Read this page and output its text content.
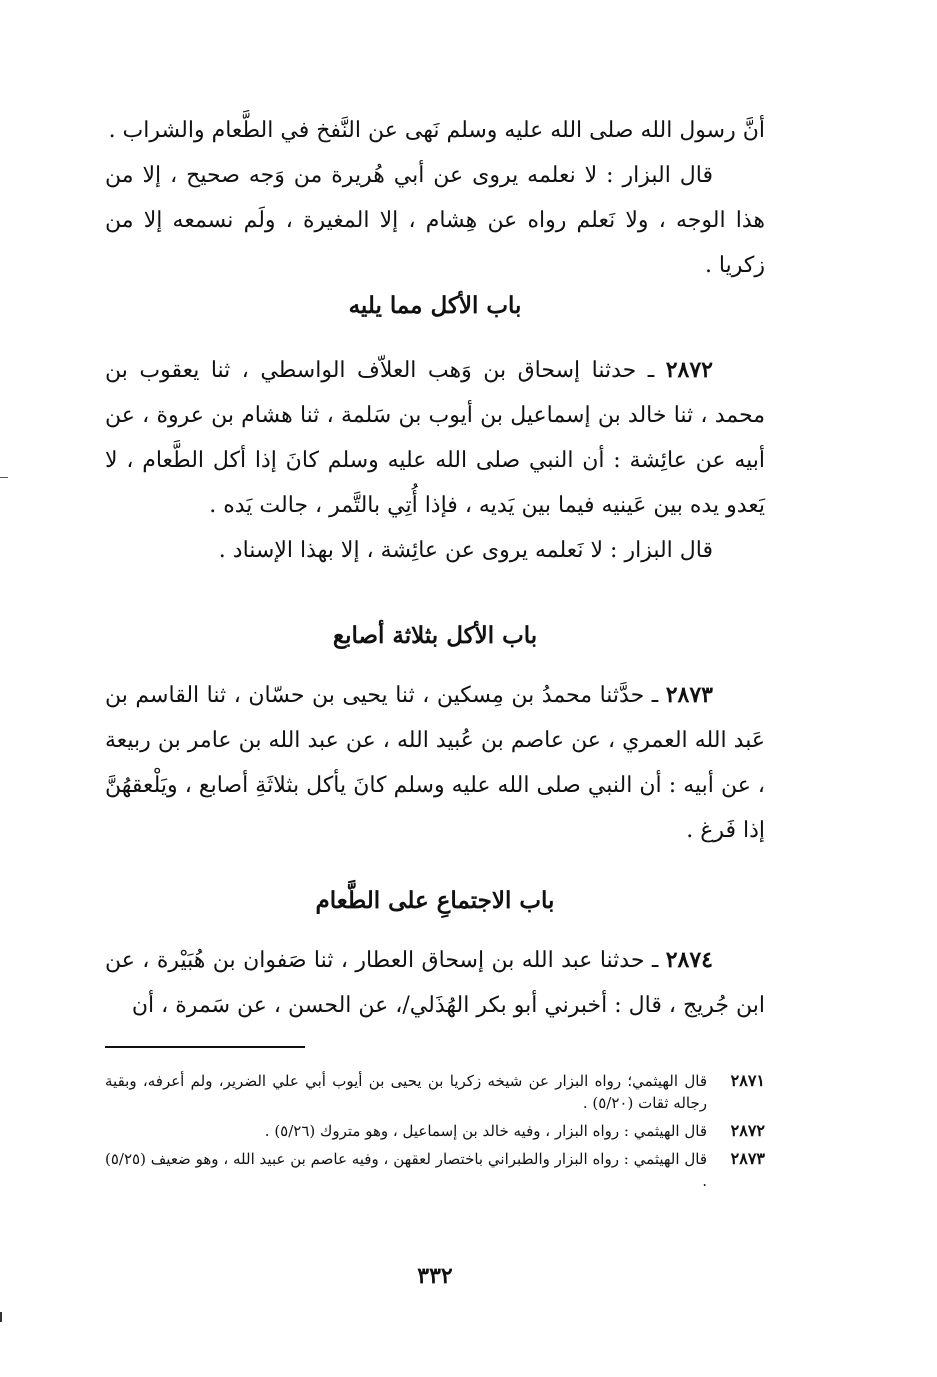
أنَّ رسول الله صلى الله عليه وسلم نَهى عن النَّفخ في الطَّعام والشراب .

قال البزار : لا نعلمه يروى عن أبي هُريرة من وَجه صحيح ، إلا من هذا الوجه ، ولا نَعلم رواه عن هِشام ، إلا المغيرة ، ولَم نسمعه إلا من زكريا .

باب الأكل مما يليه

٢٨٧٢ ـ حدثنا إسحاق بن وَهب العلاّف الواسطي ، ثنا يعقوب بن محمد ، ثنا خالد بن إسماعيل بن أيوب بن سَلمة ، ثنا هشام بن عروة ، عن أبيه عن عائِشة : أن النبي صلى الله عليه وسلم كانَ إذا أكل الطَّعام ، لا يَعدو يده بين عَينيه فيما بين يَديه ، فإذا أُتِي بالتَّمر ، جالت يَده .

قال البزار : لا نَعلمه يروى عن عائِشة ، إلا بهذا الإسناد .

باب الأكل بثلاثة أصابع

٢٨٧٣ ـ حدَّثنا محمدُ بن مِسكين ، ثنا يحيى بن حسّان ، ثنا القاسم بن عَبد الله العمري ، عن عاصم بن عُبيد الله ، عن عبد الله بن عامر بن ربيعة ، عن أبيه : أن النبي صلى الله عليه وسلم كانَ يأكل بثلاثَةِ أصابع ، ويَلْعقهُنَّ إذا فَرغ .

باب الاجتماعِ على الطَّعام

٢٨٧٤ ـ حدثنا عبد الله بن إسحاق العطار ، ثنا صَفوان بن هُبَيْرة ، عن ابن جُريج ، قال : أخبرني أبو بكر الهُذَلي/، عن الحسن ، عن سَمرة ، أن

٢٨٧١
قال الهيثمي؛ رواه البزار عن شيخه زكريا بن يحيى بن أيوب أبي علي الضرير، ولم أعرفه، وبقية رجاله ثقات (٥/٢٠) .
٢٨٧٢
قال الهيثمي : رواه البزار ، وفيه خالد بن إسماعيل ، وهو متروك (٥/٢٦) .
٢٨٧٣
قال الهيثمي : رواه البزار والطبراني باختصار لعقهن ، وفيه عاصم بن عبيد الله ، وهو ضعيف (٥/٢٥) .
٣٣٢
